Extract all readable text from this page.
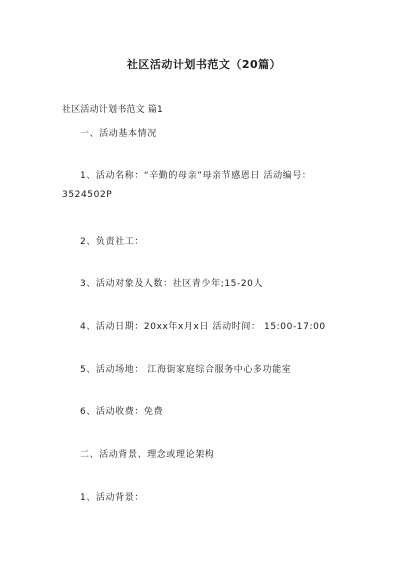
社区活动计划书范文（20篇）
社区活动计划书范文 篇1
一、活动基本情况
1、活动名称：“辛勤的母亲”母亲节感恩日 活动编号：
3524502P
2、负责社工：
3、活动对象及人数：社区青少年;15-20人
4、活动日期：20xx年x月x日 活动时间： 15:00-17:00
5、活动场地： 江海街家庭综合服务中心多功能室
6、活动收费：免费
二、活动背景、理念或理论架构
1、活动背景：
